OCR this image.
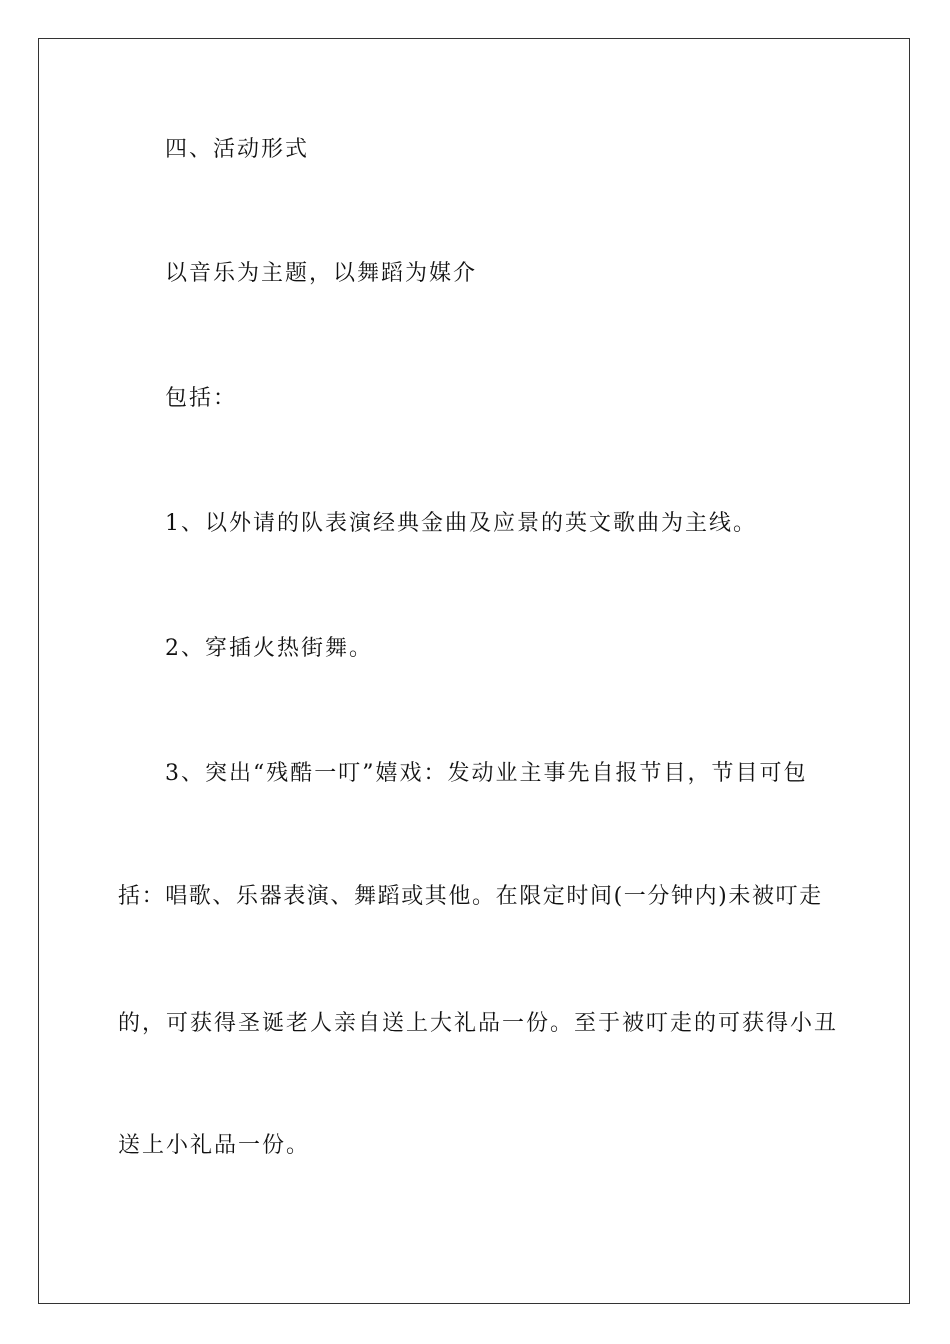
四、活动形式
以音乐为主题，以舞蹈为媒介
包括：
1、以外请的队表演经典金曲及应景的英文歌曲为主线。
2、穿插火热街舞。
3、突出“残酷一叮”嬉戏：发动业主事先自报节目，节目可包
括：唱歌、乐器表演、舞蹈或其他。在限定时间(一分钟内)未被叮走
的，可获得圣诞老人亲自送上大礼品一份。至于被叮走的可获得小丑
送上小礼品一份。
